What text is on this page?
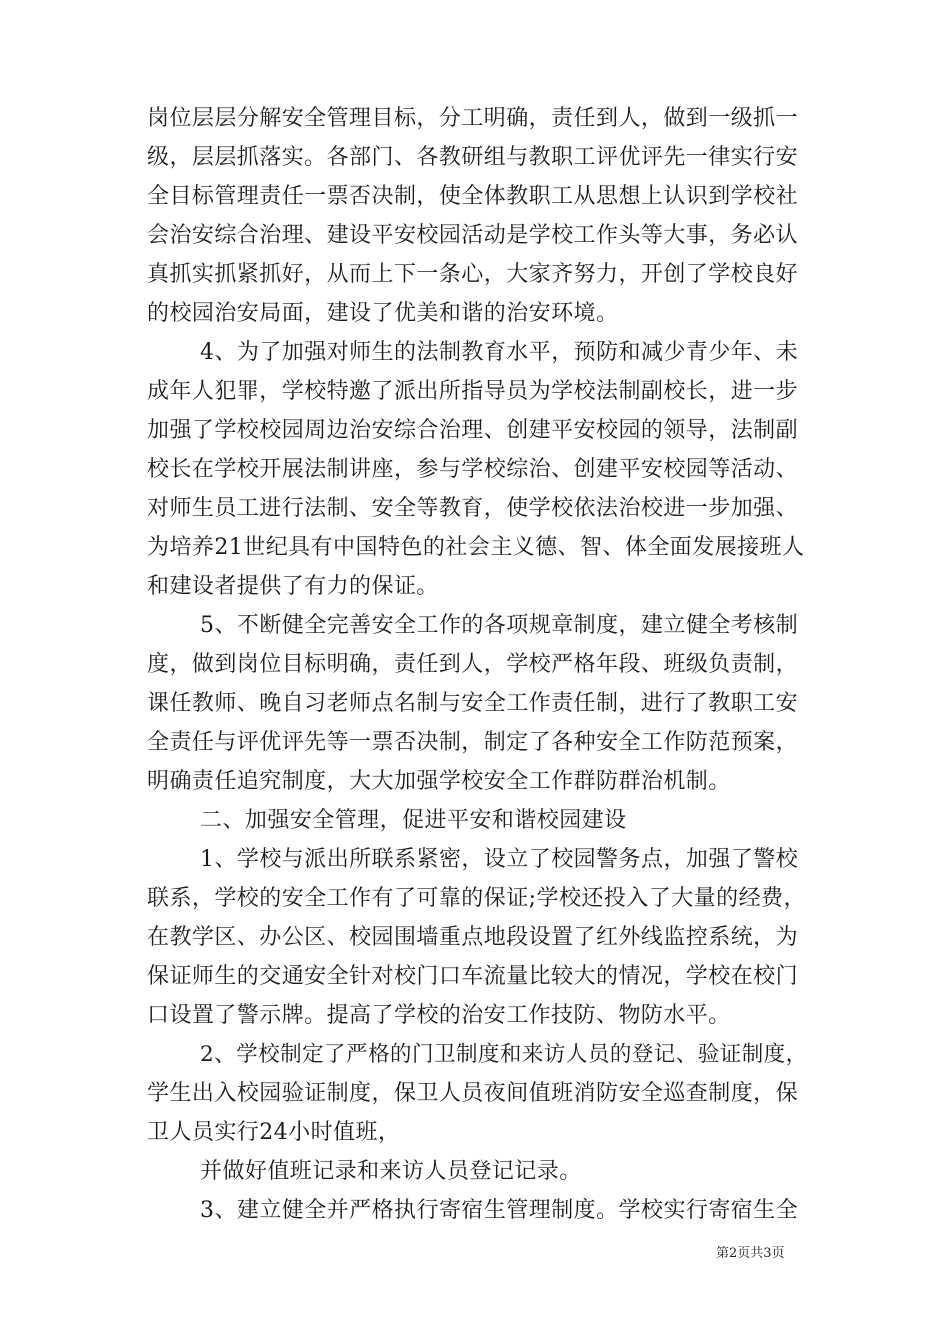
岗位层层分解安全管理目标，分工明确，责任到人，做到一级抓一
级，层层抓落实。各部门、各教研组与教职工评优评先一律实行安
全目标管理责任一票否决制，使全体教职工从思想上认识到学校社
会治安综合治理、建设平安校园活动是学校工作头等大事，务必认
真抓实抓紧抓好，从而上下一条心，大家齐努力，开创了学校良好
的校园治安局面，建设了优美和谐的治安环境。
4、为了加强对师生的法制教育水平，预防和减少青少年、未
成年人犯罪，学校特邀了派出所指导员为学校法制副校长，进一步
加强了学校校园周边治安综合治理、创建平安校园的领导，法制副
校长在学校开展法制讲座，参与学校综治、创建平安校园等活动、
对师生员工进行法制、安全等教育，使学校依法治校进一步加强、
为培养21世纪具有中国特色的社会主义德、智、体全面发展接班人
和建设者提供了有力的保证。
5、不断健全完善安全工作的各项规章制度，建立健全考核制
度，做到岗位目标明确，责任到人，学校严格年段、班级负责制，
课任教师、晚自习老师点名制与安全工作责任制，进行了教职工安
全责任与评优评先等一票否决制，制定了各种安全工作防范预案，
明确责任追究制度，大大加强学校安全工作群防群治机制。
二、加强安全管理，促进平安和谐校园建设
1、学校与派出所联系紧密，设立了校园警务点，加强了警校
联系，学校的安全工作有了可靠的保证;学校还投入了大量的经费，
在教学区、办公区、校园围墙重点地段设置了红外线监控系统，为
保证师生的交通安全针对校门口车流量比较大的情况，学校在校门
口设置了警示牌。提高了学校的治安工作技防、物防水平。
2、学校制定了严格的门卫制度和来访人员的登记、验证制度，
学生出入校园验证制度，保卫人员夜间值班消防安全巡查制度，保
卫人员实行24小时值班，
并做好值班记录和来访人员登记记录。
3、建立健全并严格执行寄宿生管理制度。学校实行寄宿生全
第2页共3页
